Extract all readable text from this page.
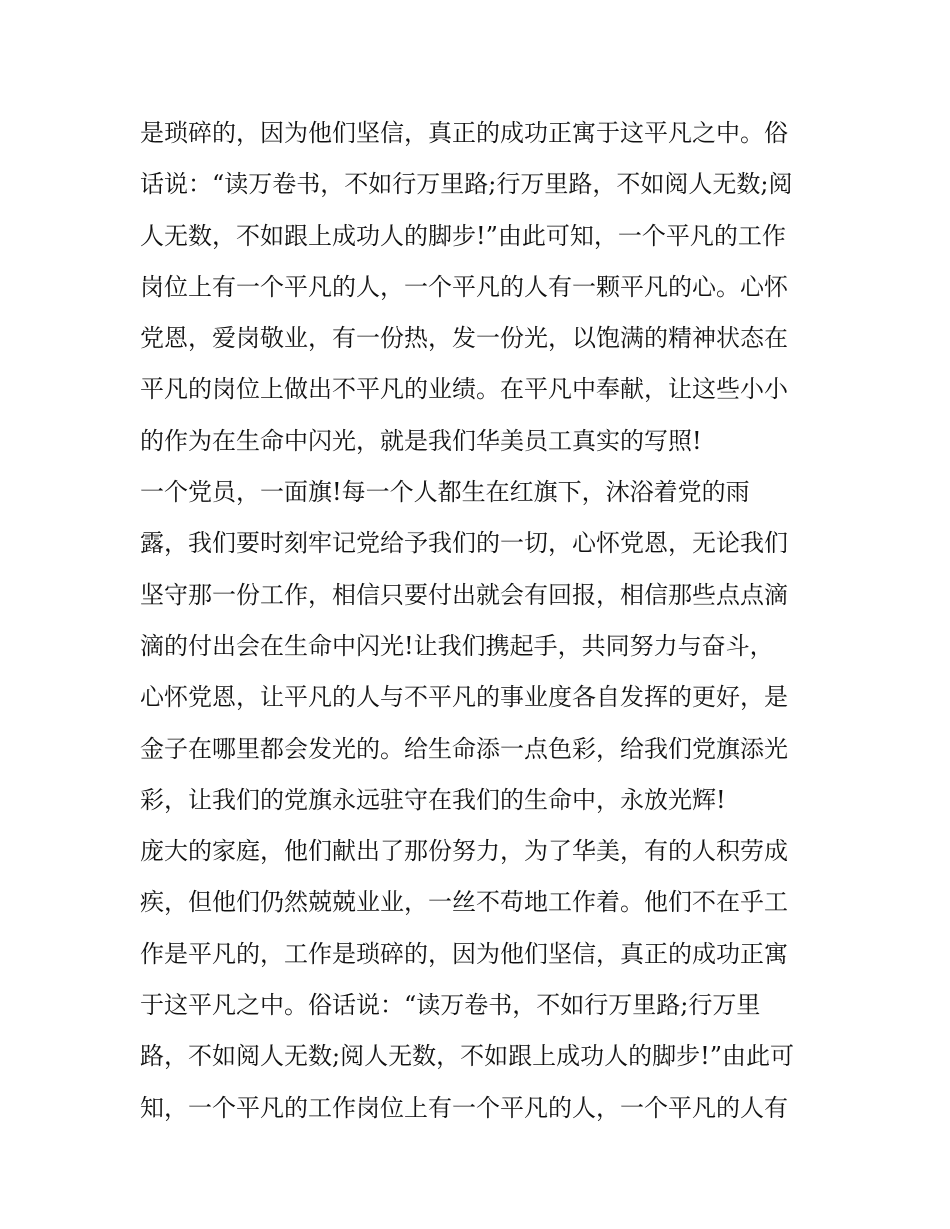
是琐碎的，因为他们坚信，真正的成功正寓于这平凡之中。俗
话说：“读万卷书，不如行万里路;行万里路，不如阅人无数;阅
人无数，不如跟上成功人的脚步!”由此可知，一个平凡的工作
岗位上有一个平凡的人，一个平凡的人有一颗平凡的心。心怀
党恩，爱岗敬业，有一份热，发一份光，以饱满的精神状态在
平凡的岗位上做出不平凡的业绩。在平凡中奉献，让这些小小
的作为在生命中闪光，就是我们华美员工真实的写照!
一个党员，一面旗!每一个人都生在红旗下，沐浴着党的雨
露，我们要时刻牢记党给予我们的一切，心怀党恩，无论我们
坚守那一份工作，相信只要付出就会有回报，相信那些点点滴
滴的付出会在生命中闪光!让我们携起手，共同努力与奋斗，
心怀党恩，让平凡的人与不平凡的事业度各自发挥的更好，是
金子在哪里都会发光的。给生命添一点色彩，给我们党旗添光
彩，让我们的党旗永远驻守在我们的生命中，永放光辉!
庞大的家庭，他们献出了那份努力，为了华美，有的人积劳成
疾，但他们仍然兢兢业业，一丝不苟地工作着。他们不在乎工
作是平凡的，工作是琐碎的，因为他们坚信，真正的成功正寓
于这平凡之中。俗话说：“读万卷书，不如行万里路;行万里
路，不如阅人无数;阅人无数，不如跟上成功人的脚步!”由此可
知，一个平凡的工作岗位上有一个平凡的人，一个平凡的人有
